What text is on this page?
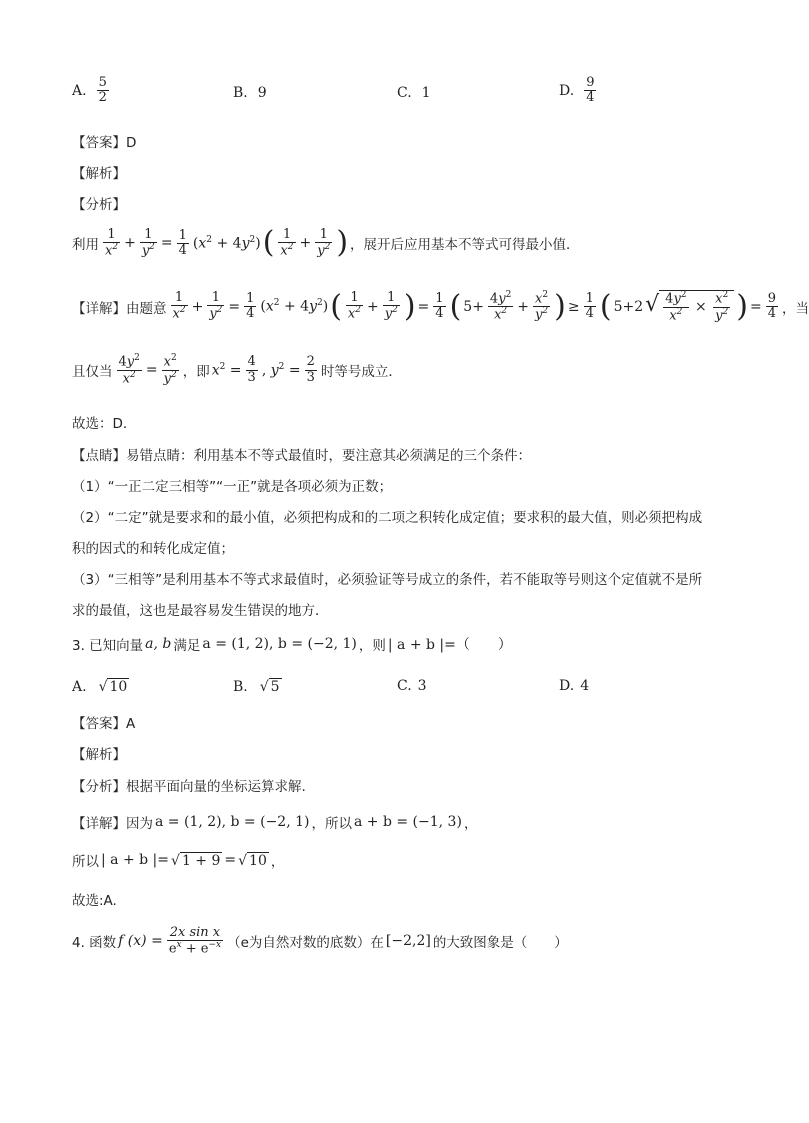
A. $\frac{5}{2}$	B. 9	C. 1	D. $\frac{9}{4}$
【答案】D
【解析】
【分析】
利用 $\frac{1}{x^2} + \frac{1}{y^2} = \frac{1}{4} (x^2 + 4y^2)$ ( $\frac{1}{x^2} + \frac{1}{y^2}$ ) ，展开后应用基本不等式可得最小值．
【详解】由题意 $\frac{1}{x^2} + \frac{1}{y^2} = \frac{1}{4} (x^2 + 4y^2)$ ( $\frac{1}{x^2} + \frac{1}{y^2}$ ) = $\frac{1}{4}$ ( $5+ \frac{4y^2}{x^2} + \frac{x^2}{y^2}$ ) ≥ $\frac{1}{4}$ ( 5+2 √ $\frac{4y^2}{x^2} \times \frac{x^2}{y^2}$ ) = $\frac{9}{4}$ ，当
且仅当 $\frac{4y^2}{x^2} = \frac{x^2}{y^2}$ ，即 $x^2 = \frac{4}{3}$ , $y^2 = \frac{2}{3}$ 时等号成立．
故选：D．
【点睛】易错点睛：利用基本不等式最值时，要注意其必须满足的三个条件：
（1）“一正二定三相等”“一正”就是各项必须为正数；
（2）“二定”就是要求和的最小值，必须把构成和的二项之积转化成定值；要求积的最大值，则必须把构成
积的因式的和转化成定值；
（3）“三相等”是利用基本不等式求最值时，必须验证等号成立的条件，若不能取等号则这个定值就不是所
求的最值，这也是最容易发生错误的地方．
3. 已知向量 a, b 满足 a = (1, 2), b = (−2, 1) ，则 | a + b |=（　　）
A. √ 10	B. √ 5	C. 3	D. 4
【答案】A
【解析】
【分析】根据平面向量的坐标运算求解.
【详解】因为 a = (1, 2), b = (−2, 1) ，所以 a + b = (−1, 3) ，
所以 | a + b |= √ 1 + 9 = √ 10 ，
故选:A.
4. 函数 f $(x) = \frac{\text{2x sin x}}{e^x + e^{-x}} (e$为自然对数的底数）在 [−2,2] 的大致图象是（　　）
